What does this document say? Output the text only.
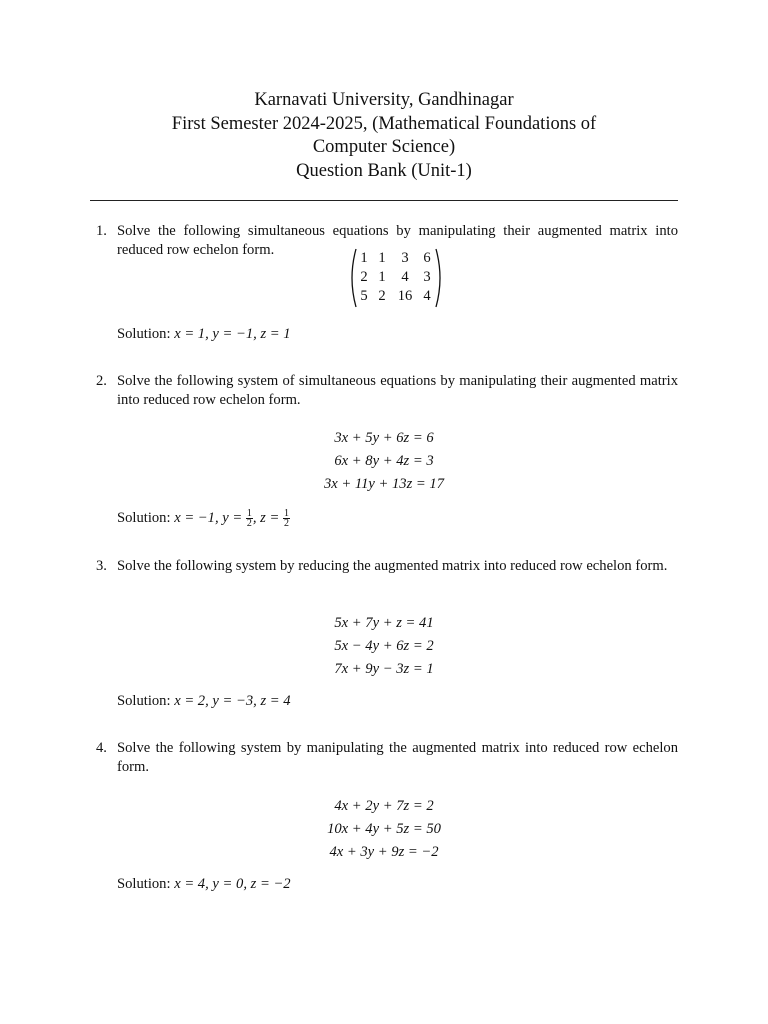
Karnavati University, Gandhinagar
First Semester 2024-2025, (Mathematical Foundations of
Computer Science)
Question Bank (Unit-1)
1. Solve the following simultaneous equations by manipulating their augmented matrix into reduced row echelon form.	1	1	3	6
2	1	4	3
5	2	16	4
Solution: x = 1, y = −1, z = 1
2. Solve the following system of simultaneous equations by manipulating their augmented matrix into reduced row echelon form.
3x + 5y + 6z = 6
6x + 8y + 4z = 3
3x + 11y + 13z = 17
Solution: x = −1, $y = \frac{1}{2}$ , $z = \frac{1}{2}$
3. Solve the following system by reducing the augmented matrix into reduced row echelon form.
5x + 7y + z = 41
5x − 4y + 6z = 2
7x + 9y − 3z = 1
Solution: x = 2, y = −3, z = 4
4. Solve the following system by manipulating the augmented matrix into reduced row echelon form.
4x + 2y + 7z = 2
10x + 4y + 5z = 50
4x + 3y + 9z = −2
Solution: x = 4, y = 0, z = −2
